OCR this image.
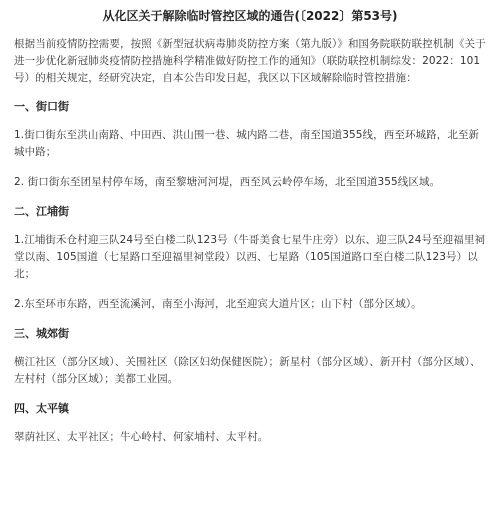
从化区关于解除临时管控区域的通告(〔2022〕第53号)

根据当前疫情防控需要，按照《新型冠状病毒肺炎防控方案（第九版）》和国务院联防联控机制《关于进一步优化新冠肺炎疫情防控措施科学精准做好防控工作的通知》（联防联控机制综发：2022：101号）的相关规定，经研究决定，自本公告印发日起，我区以下区域解除临时管控措施：

一、街口街

1.街口街东至洪山南路、中田西、洪山围一巷、城内路二巷，南至国道355线，西至环城路，北至新城中路；

2. 街口街东至团星村停车场，南至黎塘河河堤，西至风云岭停车场，北至国道355线区域。

二、江埔街

1.江埔街禾仓村迎三队24号至白楼二队123号（牛哥美食七星牛庄旁）以东、迎三队24号至迎福里祠堂以南、105国道（七星路口至迎福里祠堂段）以西、七星路（105国道路口至白楼二队123号）以北；

2.东至环市东路，西至流溪河，南至小海河，北至迎宾大道片区；山下村（部分区域）。

三、城郊街

横江社区（部分区域）、关围社区（除区妇幼保健医院）；新星村（部分区域）、新开村（部分区域）、左村村（部分区域）；美都工业园。

四、太平镇

翠荫社区、太平社区；牛心岭村、何家埔村、太平村。
